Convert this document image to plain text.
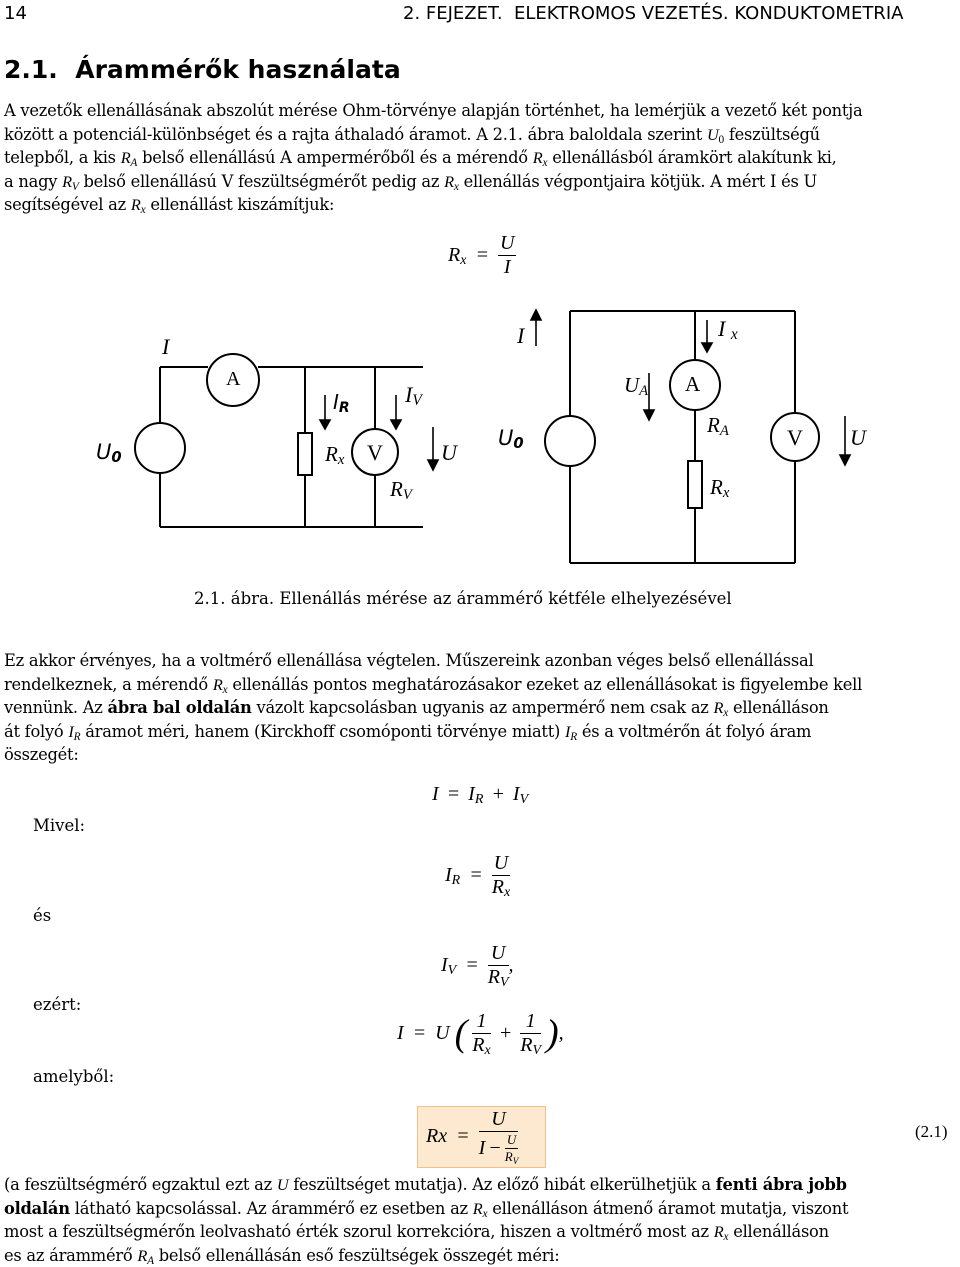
14	2. FEJEZET.  ELEKTROMOS VEZETÉS. KONDUKTOMETRIA
2.1. Árammérők használata
A vezetők ellenállásának abszolút mérése Ohm-törvénye alapján történhet, ha lemérjük a vezető két pontja
között a potenciál-különbséget és a rajta áthaladó áramot. A 2.1. ábra baloldala szerint $U_0$ feszültségű
telepből, a kis $R_A$ belső ellenállású A ampermérőből és a mérendő $R_x$ ellenállásból áramkört alakítunk ki,
a nagy $R_V$ belső ellenállású V feszültségmérőt pedig az $R_x$ ellenállás végpontjaira kötjük. A mért I és U
segítségével az $R_x$ ellenállást kiszámítjuk:
$R_x = \frac{U}{I}$
I
A
$I_R$
$I_V$
$U_0$	$R_x$ V	U
$R_V$
I	I $_x$
$U_A$ A
$R_A$	V U
$U_0$
$R_x$
2.1. ábra. Ellenállás mérése az árammérő kétféle elhelyezésével
Ez akkor érvényes, ha a voltmérő ellenállása végtelen. Műszereink azonban véges belső ellenállással
rendelkeznek, a mérendő $R_x$ ellenállás pontos meghatározásakor ezeket az ellenállásokat is figyelembe kell
vennünk. Az ábra bal oldalán vázolt kapcsolásban ugyanis az ampermérő nem csak az $R_x$ ellenálláson
át folyó $I_R$ áramot méri, hanem (Kirckhoff csomóponti törvénye miatt) $I_R$ és a voltmérőn át folyó áram
összegét:
Mivel:
és
ezért:
amelyből:
$I = I_R + I_V$
$I_R = \frac{U}{R_x}$
$I_V = \frac{U}{R_V}$ ,
I = U ( $\frac{1}{R_x} + \frac{1}{R_V}$ ),
$Rx = \frac{U}{I - \frac{U}{R_V}}$	(2.1)
(a feszültségmérő egzaktul ezt az U feszültséget mutatja). Az előző hibát elkerülhetjük a fenti ábra jobb
oldalán látható kapcsolással. Az árammérő ez esetben az $R_x$ ellenálláson átmenő áramot mutatja, viszont
most a feszültségmérőn leolvasható érték szorul korrekcióra, hiszen a voltmérő most az $R_x$ ellenálláson
es az árammérő $R_A$ belső ellenállásán eső feszültségek összegét méri:
